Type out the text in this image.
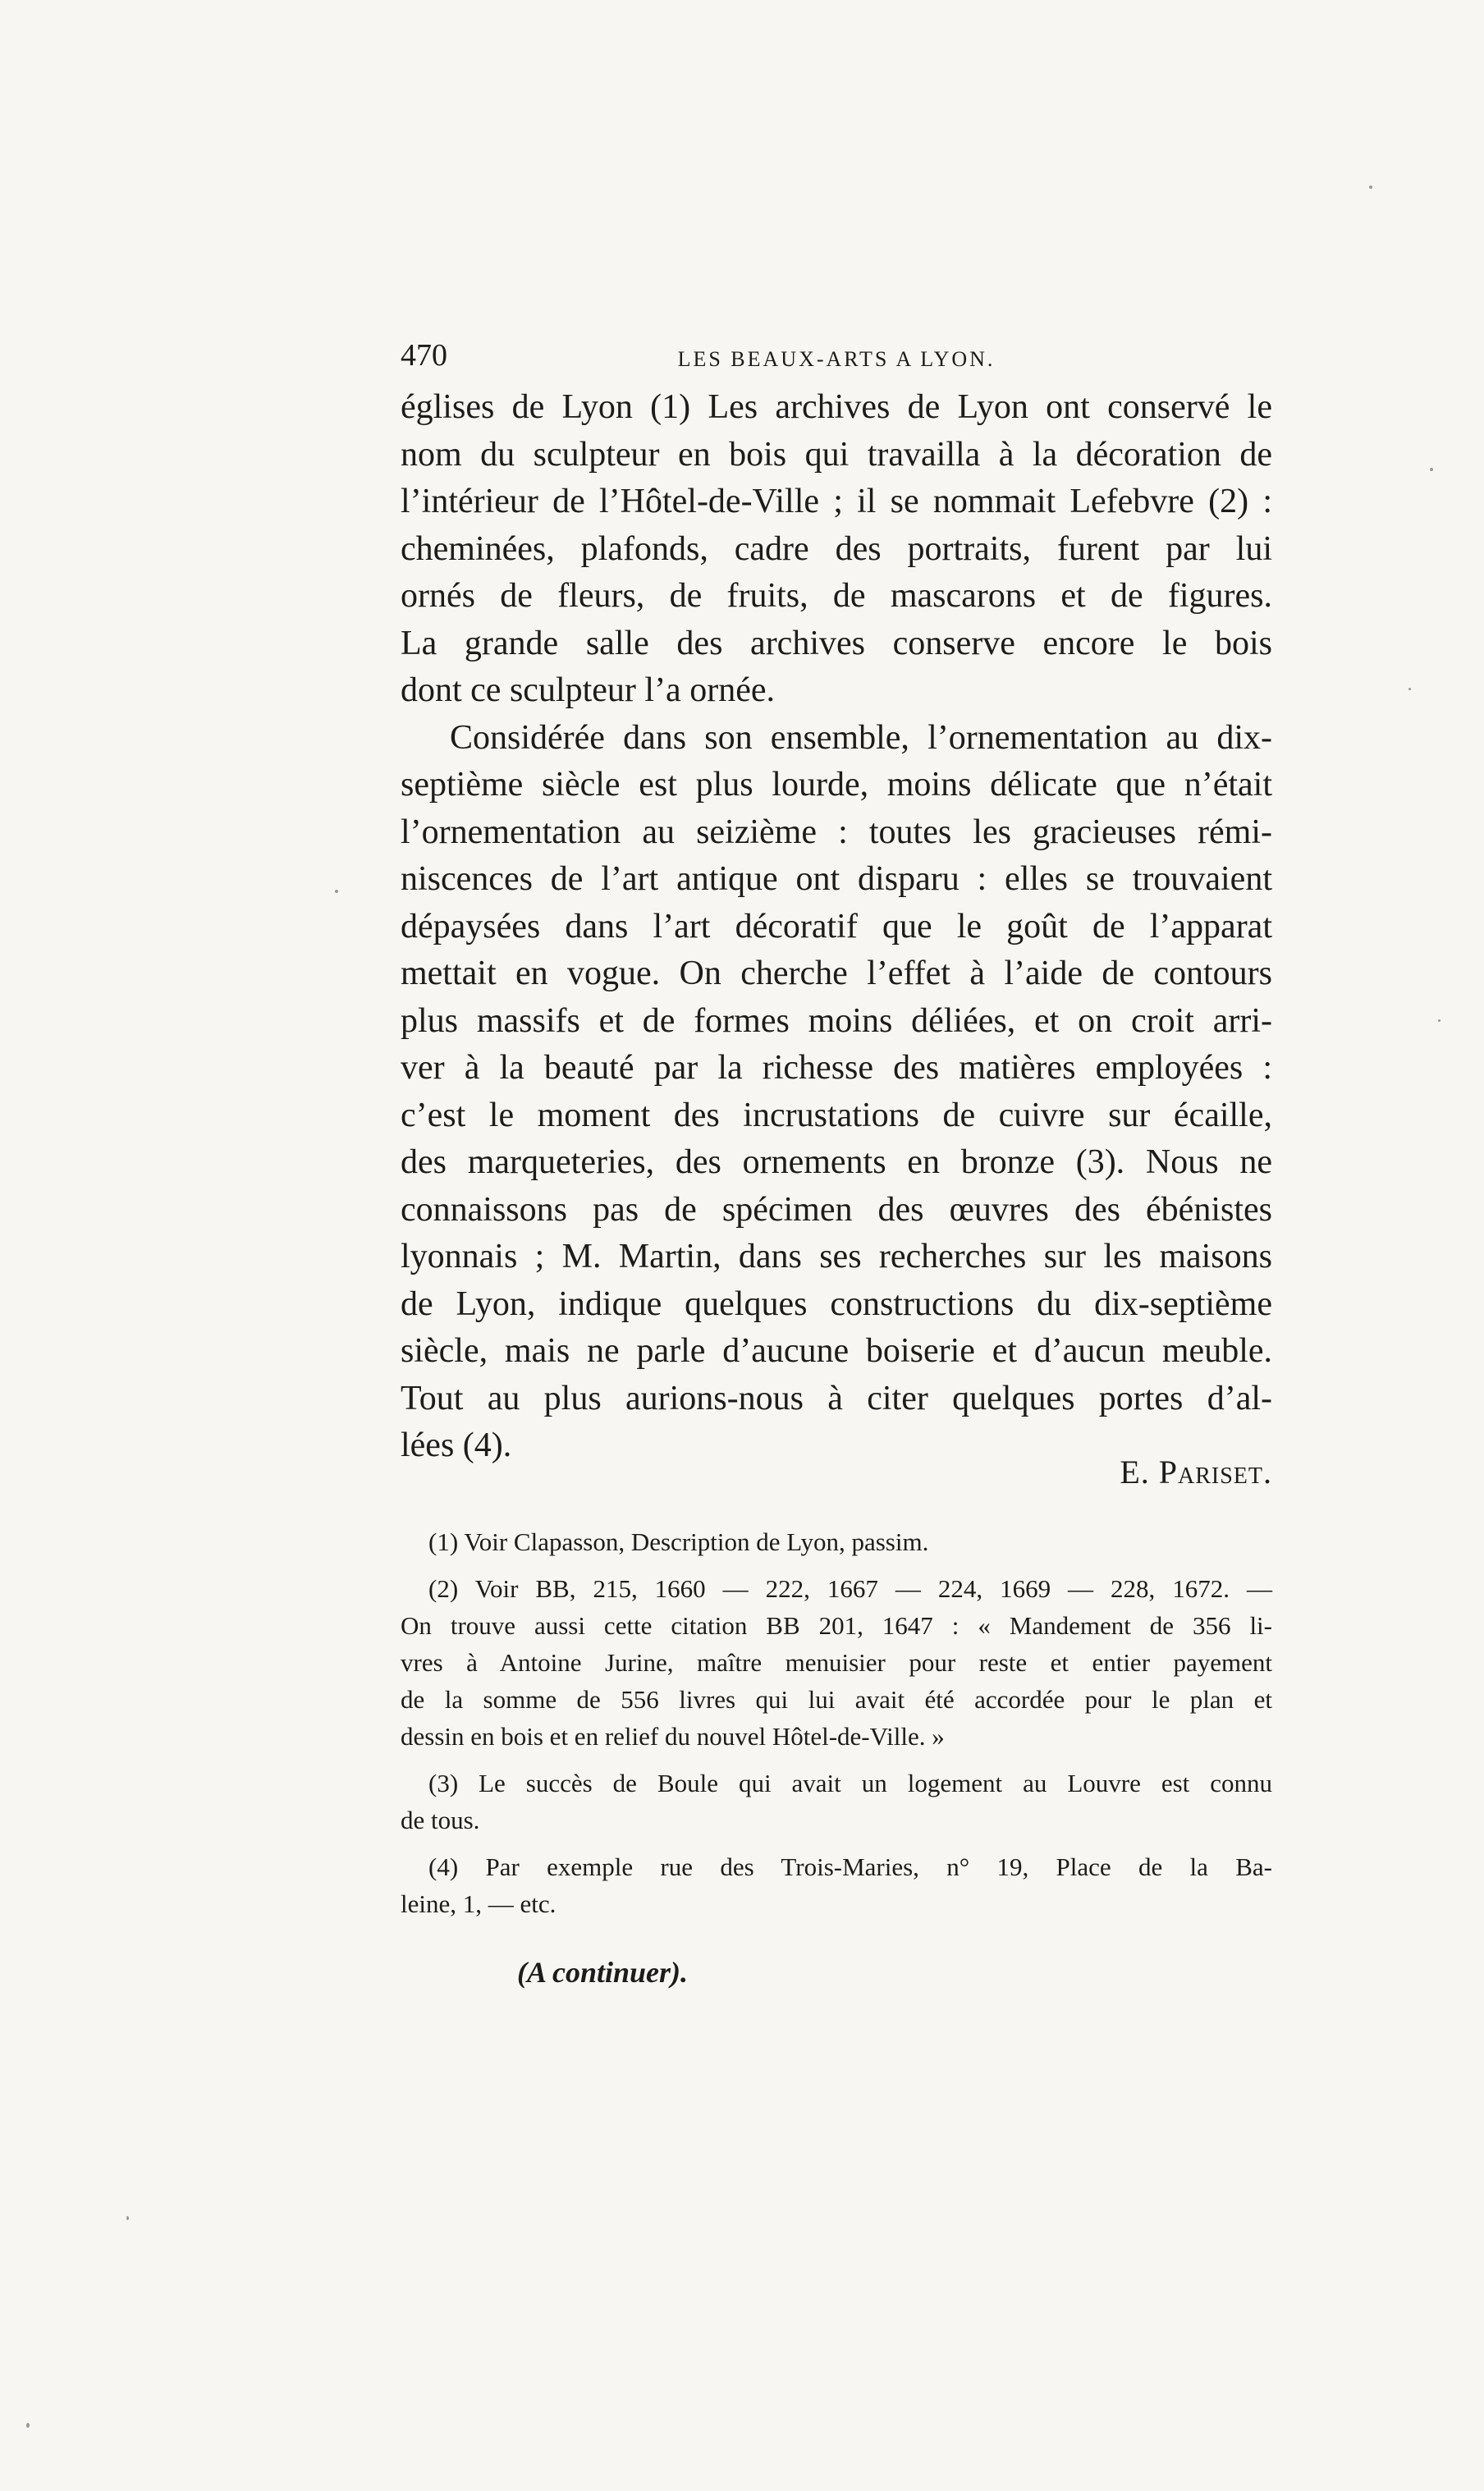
470	LES BEAUX-ARTS A LYON.
églises de Lyon (1) Les archives de Lyon ont conservé le
nom du sculpteur en bois qui travailla à la décoration de
l’intérieur de l’Hôtel-de-Ville ; il se nommait Lefebvre (2) :
cheminées, plafonds, cadre des portraits, furent par lui
ornés de fleurs, de fruits, de mascarons et de figures.
La grande salle des archives conserve encore le bois
dont ce sculpteur l’a ornée.
Considérée dans son ensemble, l’ornementation au dix-
septième siècle est plus lourde, moins délicate que n’était
l’ornementation au seizième : toutes les gracieuses rémi-
niscences de l’art antique ont disparu : elles se trouvaient
dépaysées dans l’art décoratif que le goût de l’apparat
mettait en vogue. On cherche l’effet à l’aide de contours
plus massifs et de formes moins déliées, et on croit arri-
ver à la beauté par la richesse des matières employées :
c’est le moment des incrustations de cuivre sur écaille,
des marqueteries, des ornements en bronze (3). Nous ne
connaissons pas de spécimen des œuvres des ébénistes
lyonnais ; M. Martin, dans ses recherches sur les maisons
de Lyon, indique quelques constructions du dix-septième
siècle, mais ne parle d’aucune boiserie et d’aucun meuble.
Tout au plus aurions-nous à citer quelques portes d’al-
lées (4).
E. Pariset.
(1) Voir Clapasson, Description de Lyon, passim.
(2) Voir BB, 215, 1660 — 222, 1667 — 224, 1669 — 228, 1672. —
On trouve aussi cette citation BB 201, 1647 : « Mandement de 356 li-
vres à Antoine Jurine, maître menuisier pour reste et entier payement
de la somme de 556 livres qui lui avait été accordée pour le plan et
dessin en bois et en relief du nouvel Hôtel-de-Ville. »
(3) Le succès de Boule qui avait un logement au Louvre est connu
de tous.
(4) Par exemple rue des Trois-Maries, n° 19, Place de la Ba-
leine, 1, — etc.
(A continuer).
